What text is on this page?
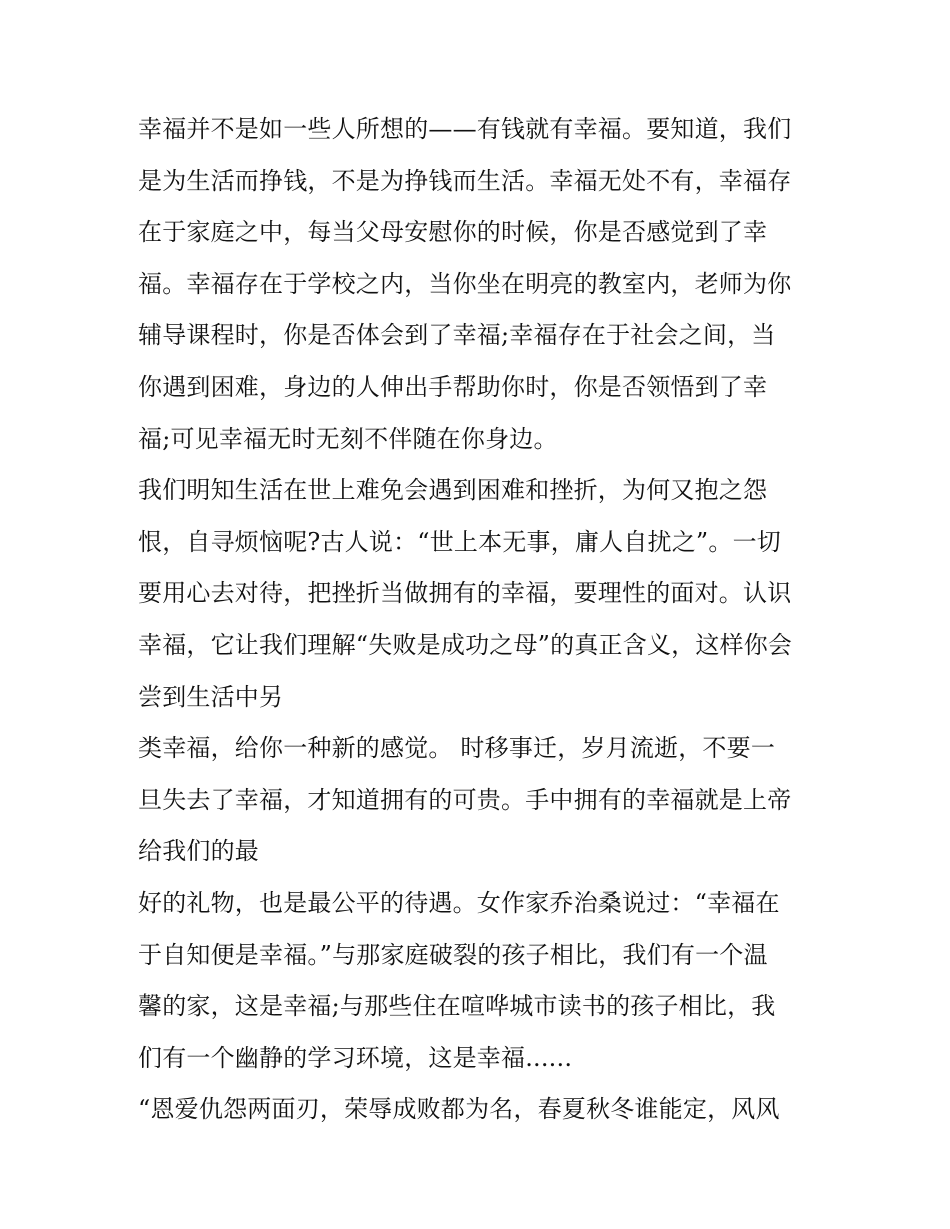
幸福并不是如一些人所想的——有钱就有幸福。要知道，我们
是为生活而挣钱，不是为挣钱而生活。幸福无处不有，幸福存
在于家庭之中，每当父母安慰你的时候，你是否感觉到了幸
福。幸福存在于学校之内，当你坐在明亮的教室内，老师为你
辅导课程时，你是否体会到了幸福;幸福存在于社会之间，当
你遇到困难，身边的人伸出手帮助你时，你是否领悟到了幸
福;可见幸福无时无刻不伴随在你身边。
我们明知生活在世上难免会遇到困难和挫折，为何又抱之怨
恨，自寻烦恼呢?古人说：“世上本无事，庸人自扰之”。一切
要用心去对待，把挫折当做拥有的幸福，要理性的面对。认识
幸福，它让我们理解“失败是成功之母”的真正含义，这样你会
尝到生活中另
类幸福，给你一种新的感觉。 时移事迁，岁月流逝，不要一
旦失去了幸福，才知道拥有的可贵。手中拥有的幸福就是上帝
给我们的最
好的礼物，也是最公平的待遇。女作家乔治桑说过：“幸福在
于自知便是幸福。”与那家庭破裂的孩子相比，我们有一个温
馨的家，这是幸福;与那些住在喧哗城市读书的孩子相比，我
们有一个幽静的学习环境，这是幸福......
“恩爱仇怨两面刃，荣辱成败都为名，春夏秋冬谁能定，风风
